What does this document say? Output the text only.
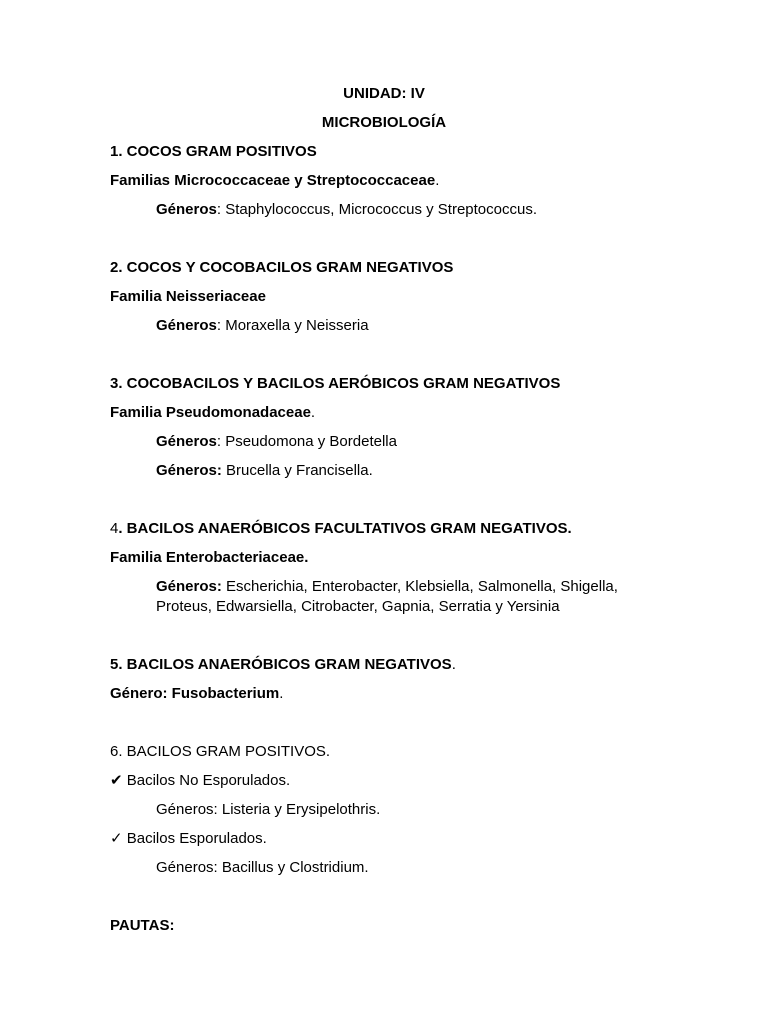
UNIDAD: IV
MICROBIOLOGÍA
1. COCOS GRAM POSITIVOS
Familias Micrococcaceae y Streptococcaceae.
Géneros: Staphylococcus, Micrococcus y Streptococcus.
2. COCOS Y COCOBACILOS GRAM NEGATIVOS
Familia Neisseriaceae
Géneros: Moraxella y Neisseria
3. COCOBACILOS Y BACILOS AERÓBICOS GRAM NEGATIVOS
Familia Pseudomonadaceae.
Géneros: Pseudomona y Bordetella
Géneros: Brucella y Francisella.
4. BACILOS ANAERÓBICOS FACULTATIVOS GRAM NEGATIVOS.
Familia Enterobacteriaceae.
Géneros: Escherichia, Enterobacter, Klebsiella, Salmonella, Shigella,
Proteus, Edwarsiella, Citrobacter, Gapnia, Serratia y Yersinia
5. BACILOS ANAERÓBICOS GRAM NEGATIVOS.
Género: Fusobacterium.
6. BACILOS GRAM POSITIVOS.
✔ Bacilos No Esporulados.
Géneros: Listeria y Erysipelothris.
✓ Bacilos Esporulados.
Géneros: Bacillus y Clostridium.
PAUTAS:
